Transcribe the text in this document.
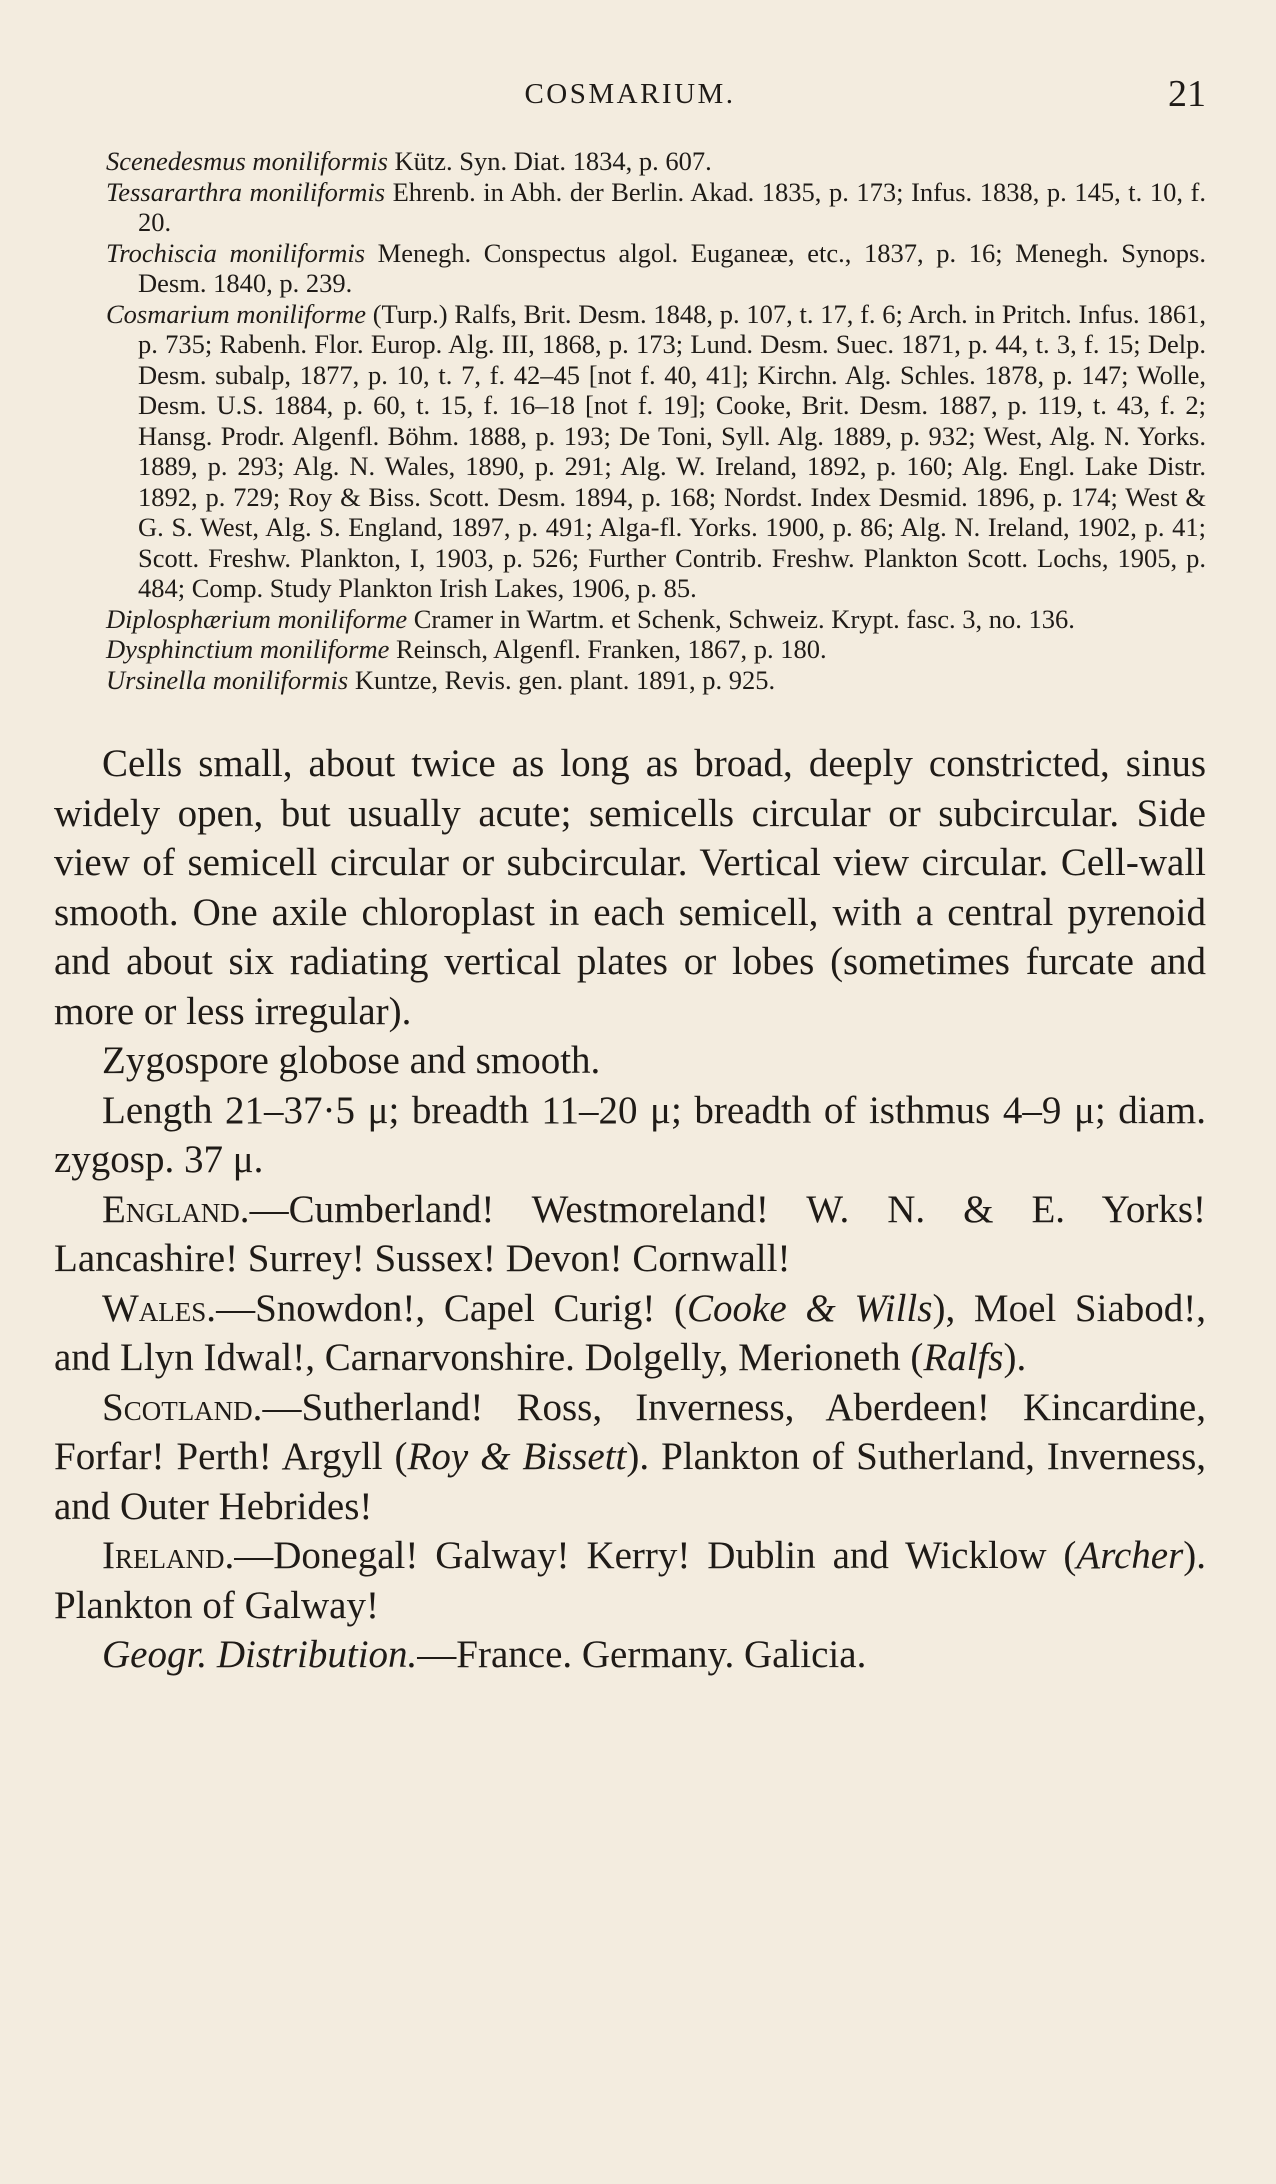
COSMARIUM.	21
Scenedesmus moniliformis Kütz. Syn. Diat. 1834, p. 607.
Tessararthra moniliformis Ehrenb. in Abh. der Berlin. Akad. 1835, p. 173; Infus. 1838, p. 145, t. 10, f. 20.
Trochiscia moniliformis Menegh. Conspectus algol. Euganeæ, etc., 1837, p. 16; Menegh. Synops. Desm. 1840, p. 239.
Cosmarium moniliforme (Turp.) Ralfs, Brit. Desm. 1848, p. 107, t. 17, f. 6; Arch. in Pritch. Infus. 1861, p. 735; Rabenh. Flor. Europ. Alg. III, 1868, p. 173; Lund. Desm. Suec. 1871, p. 44, t. 3, f. 15; Delp. Desm. subalp, 1877, p. 10, t. 7, f. 42–45 [not f. 40, 41]; Kirchn. Alg. Schles. 1878, p. 147; Wolle, Desm. U.S. 1884, p. 60, t. 15, f. 16–18 [not f. 19]; Cooke, Brit. Desm. 1887, p. 119, t. 43, f. 2; Hansg. Prodr. Algenfl. Böhm. 1888, p. 193; De Toni, Syll. Alg. 1889, p. 932; West, Alg. N. Yorks. 1889, p. 293; Alg. N. Wales, 1890, p. 291; Alg. W. Ireland, 1892, p. 160; Alg. Engl. Lake Distr. 1892, p. 729; Roy & Biss. Scott. Desm. 1894, p. 168; Nordst. Index Desmid. 1896, p. 174; West & G. S. West, Alg. S. England, 1897, p. 491; Alga-fl. Yorks. 1900, p. 86; Alg. N. Ireland, 1902, p. 41; Scott. Freshw. Plankton, I, 1903, p. 526; Further Contrib. Freshw. Plankton Scott. Lochs, 1905, p. 484; Comp. Study Plankton Irish Lakes, 1906, p. 85.
Diplosphærium moniliforme Cramer in Wartm. et Schenk, Schweiz. Krypt. fasc. 3, no. 136.
Dysphinctium moniliforme Reinsch, Algenfl. Franken, 1867, p. 180.
Ursinella moniliformis Kuntze, Revis. gen. plant. 1891, p. 925.

Cells small, about twice as long as broad, deeply constricted, sinus widely open, but usually acute; semicells circular or subcircular. Side view of semicell circular or subcircular. Vertical view circular. Cell-wall smooth. One axile chloroplast in each semicell, with a central pyrenoid and about six radiating vertical plates or lobes (sometimes furcate and more or less irregular).

Zygospore globose and smooth.

Length 21–37·5 μ; breadth 11–20 μ; breadth of isthmus 4–9 μ; diam. zygosp. 37 μ.

England.—Cumberland! Westmoreland! W. N. & E. Yorks! Lancashire! Surrey! Sussex! Devon! Cornwall!

Wales.—Snowdon!, Capel Curig! (Cooke & Wills), Moel Siabod!, and Llyn Idwal!, Carnarvonshire. Dolgelly, Merioneth (Ralfs).

Scotland.—Sutherland! Ross, Inverness, Aberdeen! Kincardine, Forfar! Perth! Argyll (Roy & Bissett). Plankton of Sutherland, Inverness, and Outer Hebrides!

Ireland.—Donegal! Galway! Kerry! Dublin and Wicklow (Archer). Plankton of Galway!

Geogr. Distribution.—France. Germany. Galicia.
